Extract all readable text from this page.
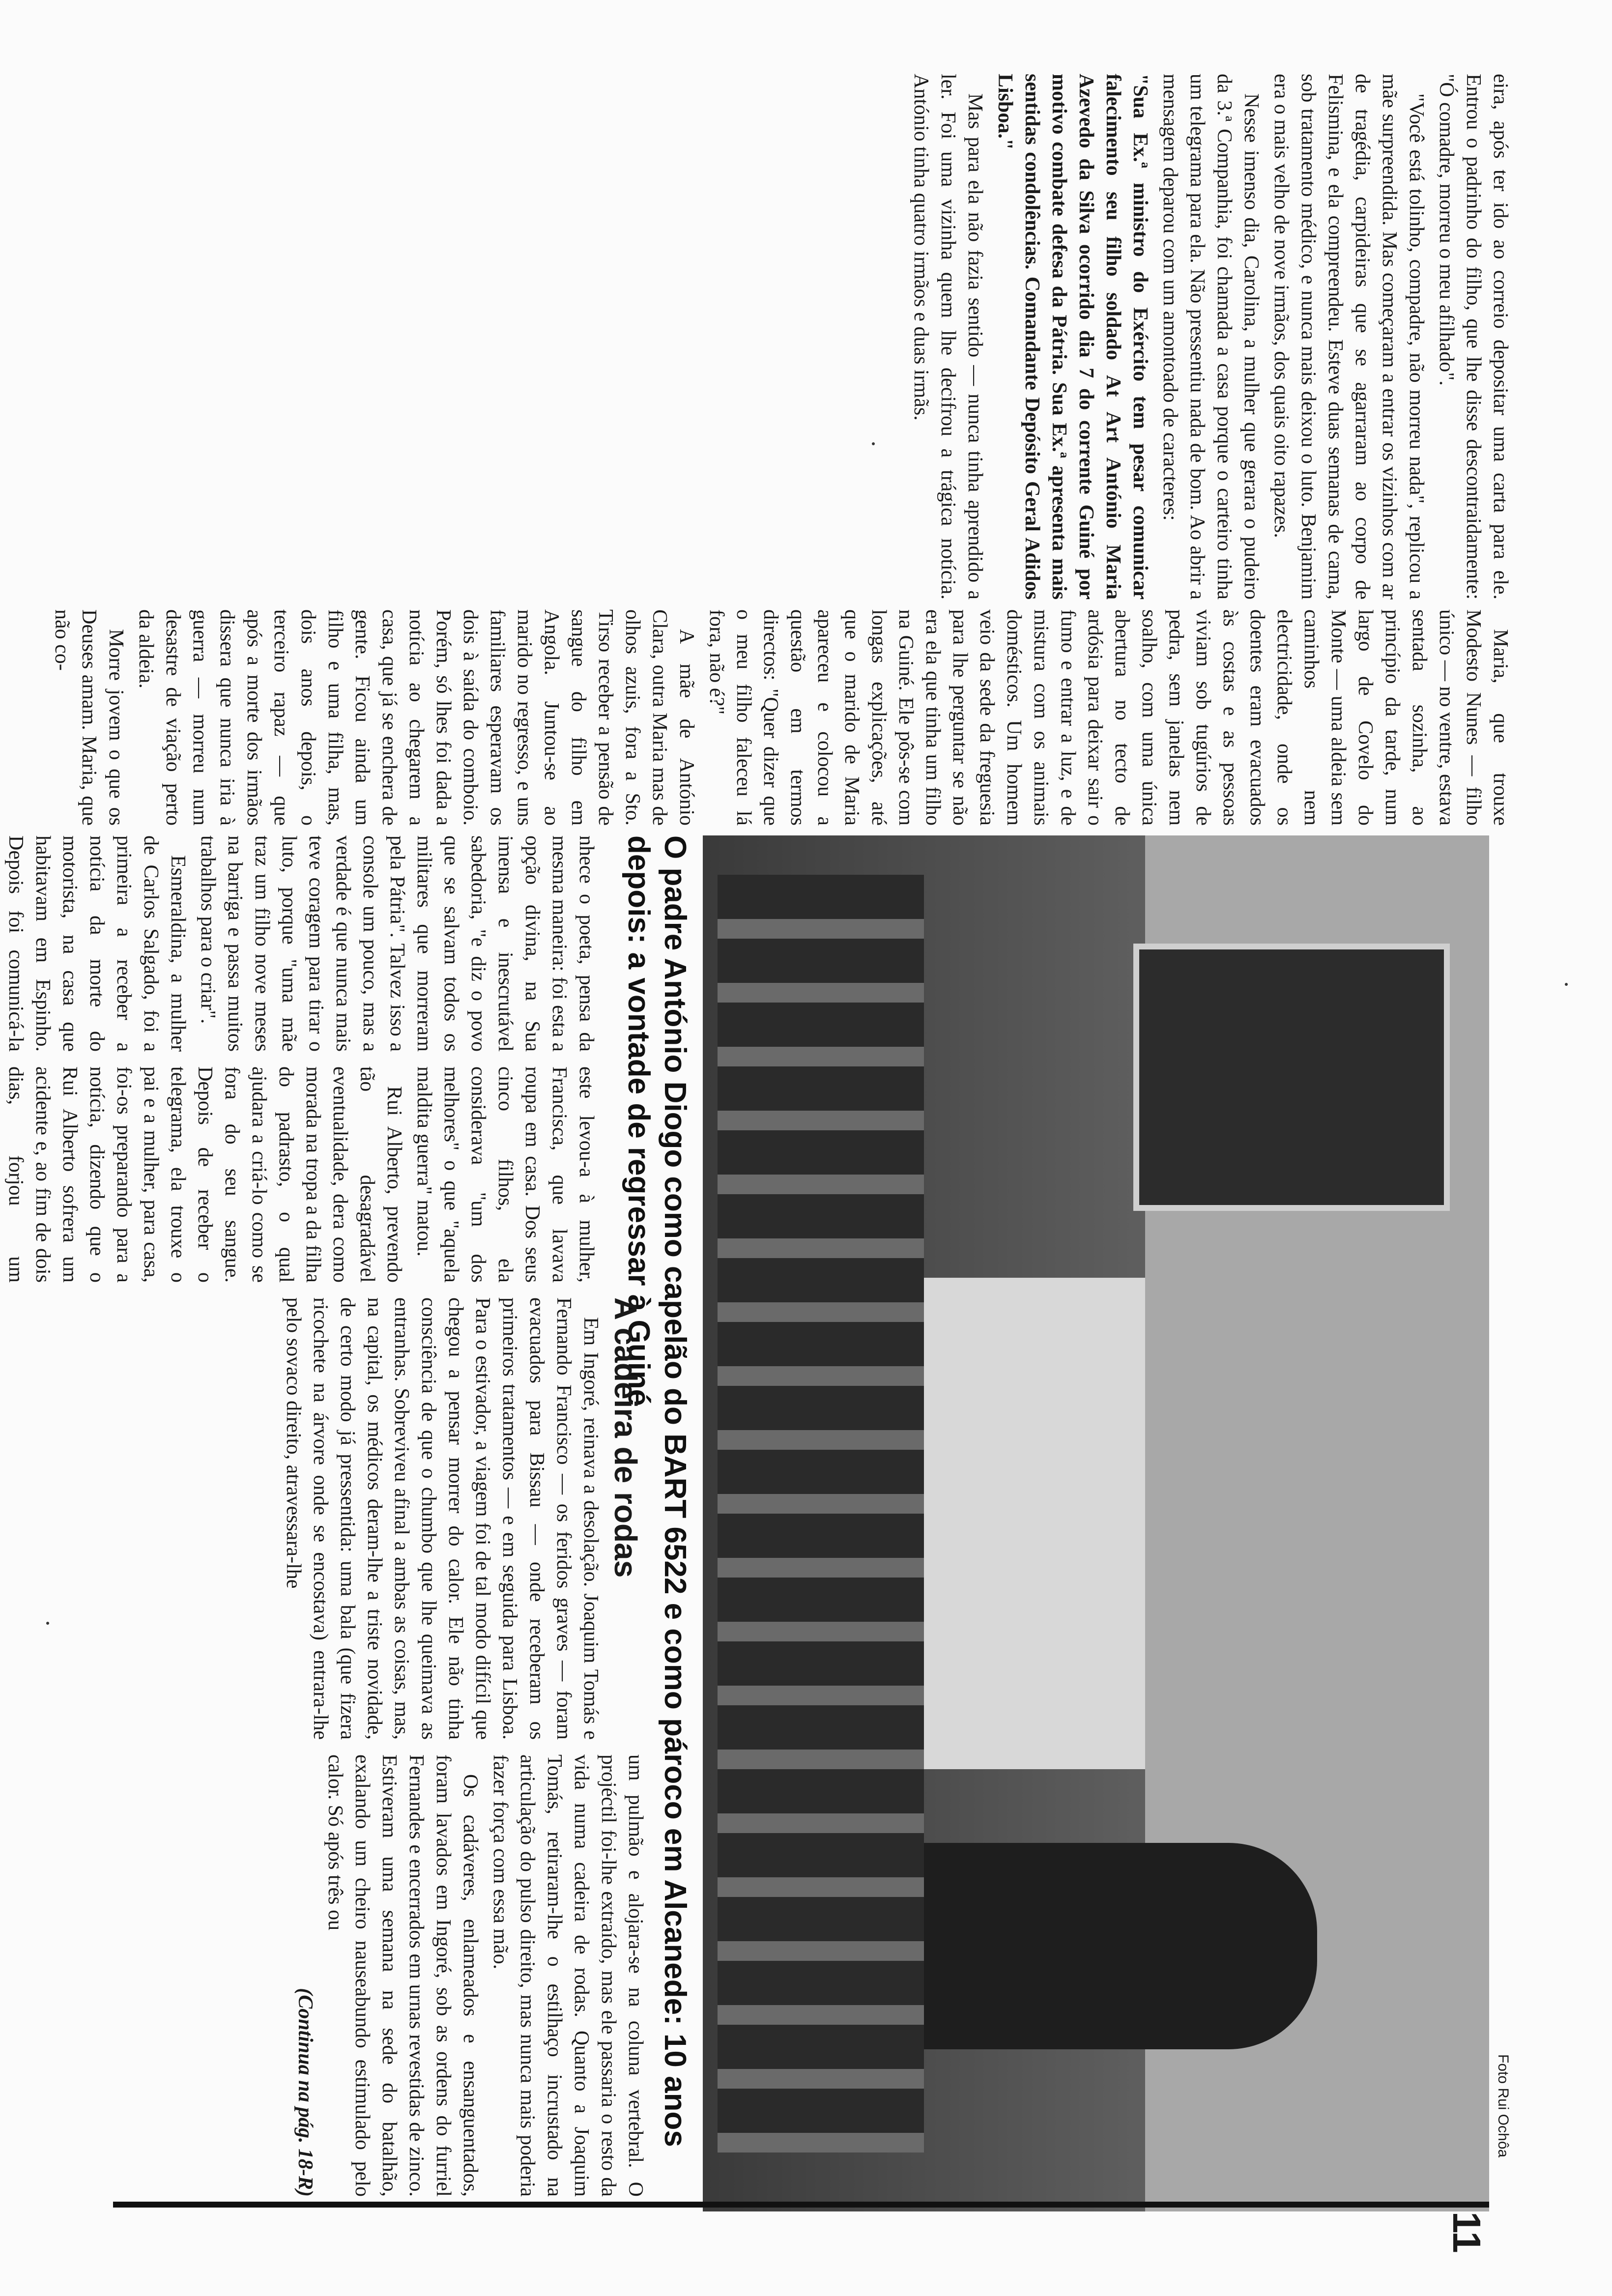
eira, após ter ido ao correio depositar uma carta para ele. Entrou o padrinho do filho, que lhe disse descontraidamente: "Ó comadre, morreu o meu afilhado".

"Você está tolinho, compadre, não morreu nada", replicou a mãe surpreendida. Mas começaram a entrar os vizinhos com ar de tragédia, carpideiras que se agarraram ao corpo de Felismina, e ela compreendeu. Esteve duas semanas de cama, sob tratamento médico, e nunca mais deixou o luto. Benjamim era o mais velho de nove irmãos, dos quais oito rapazes.

Nesse imenso dia, Carolina, a mulher que gerara o pudeiro da 3.ª Companhia, foi chamada a casa porque o carteiro tinha um telegrama para ela. Não pressentiu nada de bom. Ao abrir a mensagem deparou com um amontoado de caracteres:

"Sua Ex.ª ministro do Exército tem pesar comunicar falecimento seu filho soldado At Art António Maria Azevedo da Silva ocorrido dia 7 do corrente Guiné por motivo combate defesa da Pátria. Sua Ex.ª apresenta mais sentidas condolências. Comandante Depósito Geral Adidos Lisboa."

Mas para ela não fazia sentido — nunca tinha aprendido a ler. Foi uma vizinha quem lhe decifrou a trágica notícia. António tinha quatro irmãos e duas irmãs.

Maria, que trouxe Modesto Nunes — filho único — no ventre, estava sentada sozinha, ao princípio da tarde, num largo de Covelo do Monte — uma aldeia sem caminhos nem electricidade, onde os doentes eram evacuados às costas e as pessoas viviam sob tugúrios de pedra, sem janelas nem soalho, com uma única abertura no tecto de ardósia para deixar sair o fumo e entrar a luz, e de mistura com os animais domésticos. Um homem veio da sede da freguesia para lhe perguntar se não era ela que tinha um filho na Guiné. Ele pôs-se com longas explicações, até que o marido de Maria apareceu e colocou a questão em termos directos: "Quer dizer que o meu filho faleceu lá fora, não é?"

A mãe de António Clara, outra Maria mas de olhos azuis, fora a Sto. Tirso receber a pensão de sangue do filho em Angola. Juntou-se ao marido no regresso, e uns familiares esperavam os dois à saída do comboio. Porém, só lhes foi dada a notícia ao chegarem a casa, que já se enchera de gente. Ficou ainda um filho e uma filha, mas, dois anos depois, o terceiro rapaz — que após a morte dos irmãos dissera que nunca iria à guerra — morreu num desastre de viação perto da aldeia.

Morre jovem o que os Deuses amam. Maria, que não co-

Foto Rui Ochôa
O padre António Diogo como capelão do BART 6522 e como pároco em Alcanede: 10 anos depois: a vontade de regressar à Guiné

nhece o poeta, pensa da mesma maneira: foi esta a opção divina, na Sua imensa e inescrutável sabedoria, "e diz o povo que se salvam todos os militares que morreram pela Pátria". Talvez isso a console um pouco, mas a verdade é que nunca mais teve coragem para tirar o luto, porque "uma mãe traz um filho nove meses na barriga e passa muitos trabalhos para o criar".

Esmeraldina, a mulher de Carlos Salgado, foi a primeira a receber a notícia da morte do motorista, na casa que habitavam em Espinho. Depois foi comunicá-la

este levou-a à mulher, Francisca, que lavava roupa em casa. Dos seus cinco filhos, ela considerava "um dos melhores" o que "aquela maldita guerra" matou.

Rui Alberto, prevendo tão desagradável eventualidade, dera como morada na tropa a da filha do padrasto, o qual ajudara a criá-lo como se fora do seu sangue. Depois de receber o telegrama, ela trouxe o pai e a mulher, para casa, foi-os preparando para a notícia, dizendo que o Rui Alberto sofrera um acidente e, ao fim de dois dias, forjou um

A cadeira de rodas

Em Ingoré, reinava a desolação. Joaquim Tomás e Fernando Francisco — os feridos graves — foram evacuados para Bissau — onde receberam os primeiros tratamentos — e em seguida para Lisboa. Para o estivador, a viagem foi de tal modo difícil que chegou a pensar morrer do calor. Ele não tinha consciência de que o chumbo que lhe queimava as entranhas. Sobreviveu afinal a ambas as coisas, mas, na capital, os médicos deram-lhe a triste novidade, de certo modo já pressentida: uma bala (que fizera ricochete na árvore onde se encostava) entrara-lhe pelo sovaco direito, atravessara-lhe

um pulmão e alojara-se na coluna vertebral. O projéctil foi-lhe extraído, mas ele passaria o resto da vida numa cadeira de rodas. Quanto a Joaquim Tomás, retiraram-lhe o estilhaço incrustado na articulação do pulso direito, mas nunca mais poderia fazer força com essa mão.

Os cadáveres, enlameados e ensanguentados, foram lavados em Ingoré, sob as ordens do furriel Fernandes e encerrados em urnas revestidas de zinco. Estiveram uma semana na sede do batalhão, exalando um cheiro nauseabundo estimulado pelo calor. Só após três ou

(Continua na pág. 18-R)

11
